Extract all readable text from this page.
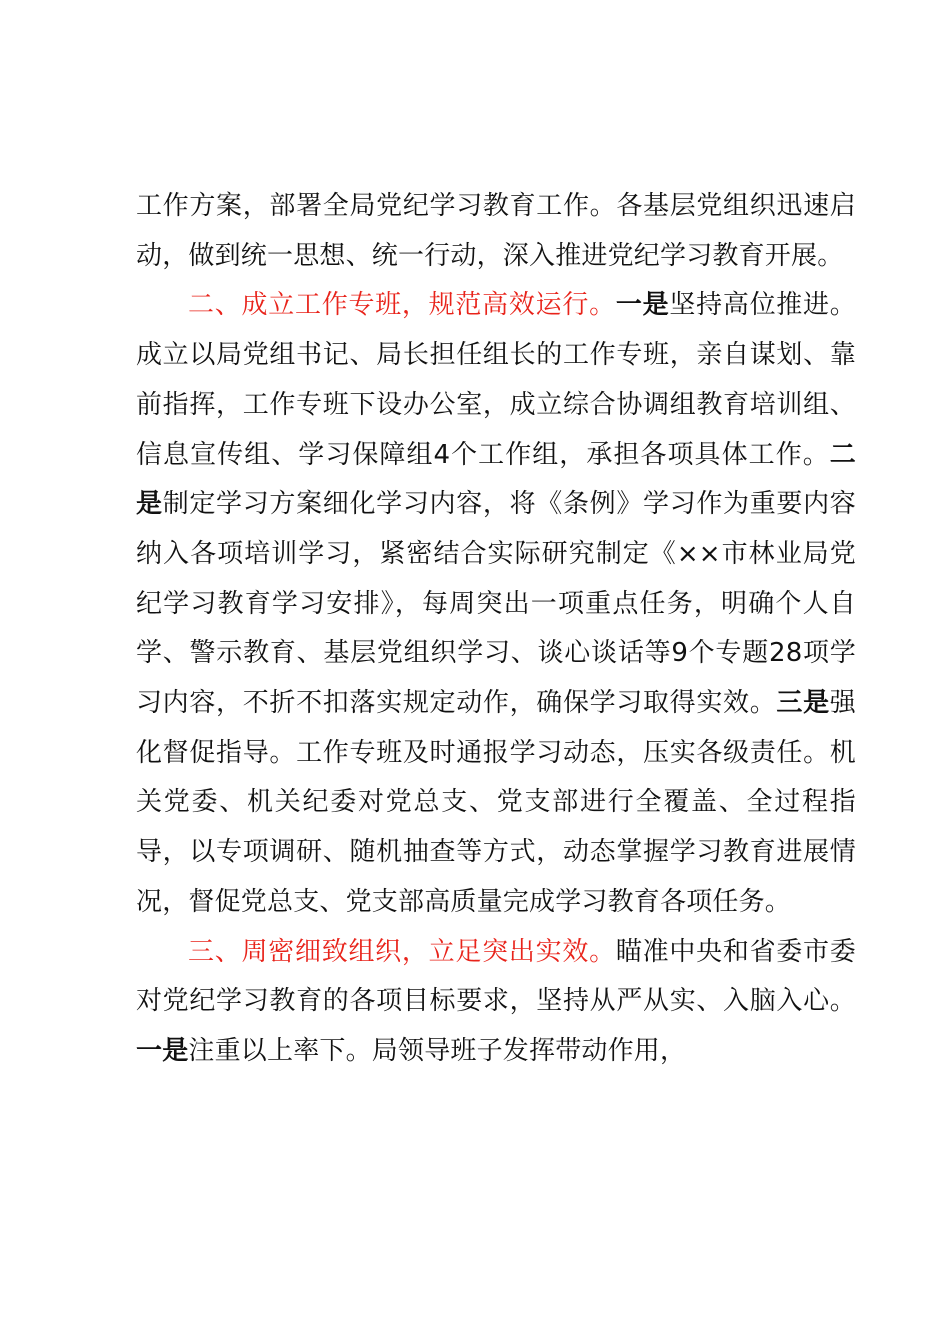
工作方案，部署全局党纪学习教育工作。各基层党组织迅速启动，做到统一思想、统一行动，深入推进党纪学习教育开展。

二、成立工作专班，规范高效运行。一是坚持高位推进。成立以局党组书记、局长担任组长的工作专班，亲自谋划、靠前指挥，工作专班下设办公室，成立综合协调组教育培训组、信息宣传组、学习保障组4个工作组，承担各项具体工作。二是制定学习方案细化学习内容，将《条例》学习作为重要内容纳入各项培训学习，紧密结合实际研究制定《××市林业局党纪学习教育学习安排》，每周突出一项重点任务，明确个人自学、警示教育、基层党组织学习、谈心谈话等9个专题28项学习内容，不折不扣落实规定动作，确保学习取得实效。三是强化督促指导。工作专班及时通报学习动态，压实各级责任。机关党委、机关纪委对党总支、党支部进行全覆盖、全过程指导，以专项调研、随机抽查等方式，动态掌握学习教育进展情况，督促党总支、党支部高质量完成学习教育各项任务。

三、周密细致组织，立足突出实效。瞄准中央和省委市委对党纪学习教育的各项目标要求，坚持从严从实、入脑入心。一是注重以上率下。局领导班子发挥带动作用，
